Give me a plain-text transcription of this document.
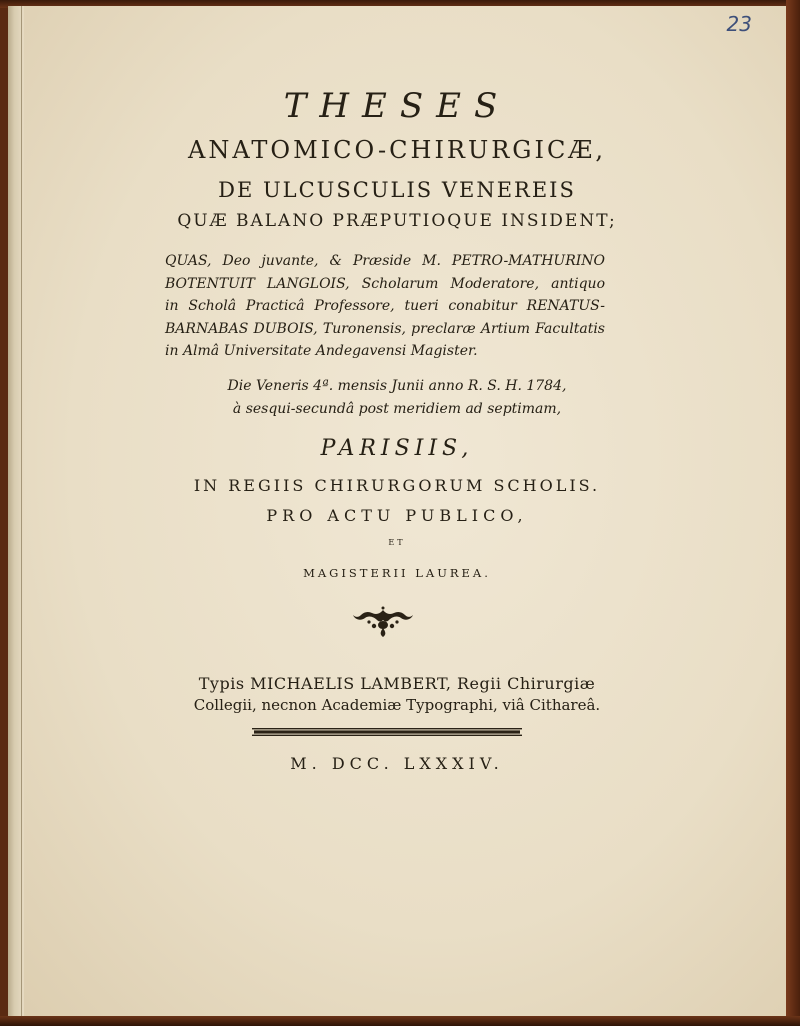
23
THESES
ANATOMICO-CHIRURGICÆ,
DE ULCUSCULIS VENEREIS
QUÆ BALANO PRÆPUTIOQUE INSIDENT;
QUAS, Deo juvante, & Præside M. PETRO-MATHURINO
BOTENTUIT LANGLOIS, Scholarum Moderatore, antiquo
in Scholâ Practicâ Professore, tueri conabitur RENATUS-
BARNABAS DUBOIS, Turonensis, preclaræ Artium Facultatis
in Almâ Universitate Andegavensi Magister.
Die Veneris 4ª. mensis Junii anno R. S. H. 1784,
à sesqui-secundâ post meridiem ad septimam,
PARISIIS,
IN REGIIS CHIRURGORUM SCHOLIS.
PRO ACTU PUBLICO,
ET
MAGISTERII LAUREA.
Typis MICHAELIS LAMBERT, Regii Chirurgiæ
Collegii, necnon Academiæ Typographi, viâ Cithareâ.
M. DCC. LXXXIV.
